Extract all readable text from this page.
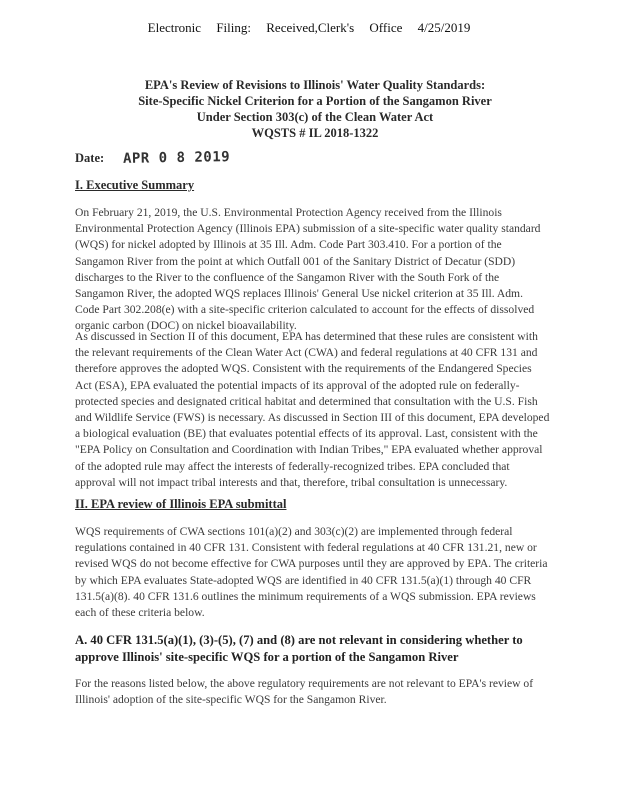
Electronic Filing: Received,Clerk's Office 4/25/2019
EPA's Review of Revisions to Illinois' Water Quality Standards:
Site-Specific Nickel Criterion for a Portion of the Sangamon River
Under Section 303(c) of the Clean Water Act
WQSTS # IL 2018-1322
Date: APR 0 8 2019
I. Executive Summary
On February 21, 2019, the U.S. Environmental Protection Agency received from the Illinois Environmental Protection Agency (Illinois EPA) submission of a site-specific water quality standard (WQS) for nickel adopted by Illinois at 35 Ill. Adm. Code Part 303.410. For a portion of the Sangamon River from the point at which Outfall 001 of the Sanitary District of Decatur (SDD) discharges to the River to the confluence of the Sangamon River with the South Fork of the Sangamon River, the adopted WQS replaces Illinois' General Use nickel criterion at 35 Ill. Adm. Code Part 302.208(e) with a site-specific criterion calculated to account for the effects of dissolved organic carbon (DOC) on nickel bioavailability.
As discussed in Section II of this document, EPA has determined that these rules are consistent with the relevant requirements of the Clean Water Act (CWA) and federal regulations at 40 CFR 131 and therefore approves the adopted WQS. Consistent with the requirements of the Endangered Species Act (ESA), EPA evaluated the potential impacts of its approval of the adopted rule on federally-protected species and designated critical habitat and determined that consultation with the U.S. Fish and Wildlife Service (FWS) is necessary. As discussed in Section III of this document, EPA developed a biological evaluation (BE) that evaluates potential effects of its approval. Last, consistent with the "EPA Policy on Consultation and Coordination with Indian Tribes," EPA evaluated whether approval of the adopted rule may affect the interests of federally-recognized tribes. EPA concluded that approval will not impact tribal interests and that, therefore, tribal consultation is unnecessary.
II. EPA review of Illinois EPA submittal
WQS requirements of CWA sections 101(a)(2) and 303(c)(2) are implemented through federal regulations contained in 40 CFR 131. Consistent with federal regulations at 40 CFR 131.21, new or revised WQS do not become effective for CWA purposes until they are approved by EPA. The criteria by which EPA evaluates State-adopted WQS are identified in 40 CFR 131.5(a)(1) through 40 CFR 131.5(a)(8). 40 CFR 131.6 outlines the minimum requirements of a WQS submission. EPA reviews each of these criteria below.
A. 40 CFR 131.5(a)(1), (3)-(5), (7) and (8) are not relevant in considering whether to approve Illinois' site-specific WQS for a portion of the Sangamon River
For the reasons listed below, the above regulatory requirements are not relevant to EPA's review of Illinois' adoption of the site-specific WQS for the Sangamon River.
